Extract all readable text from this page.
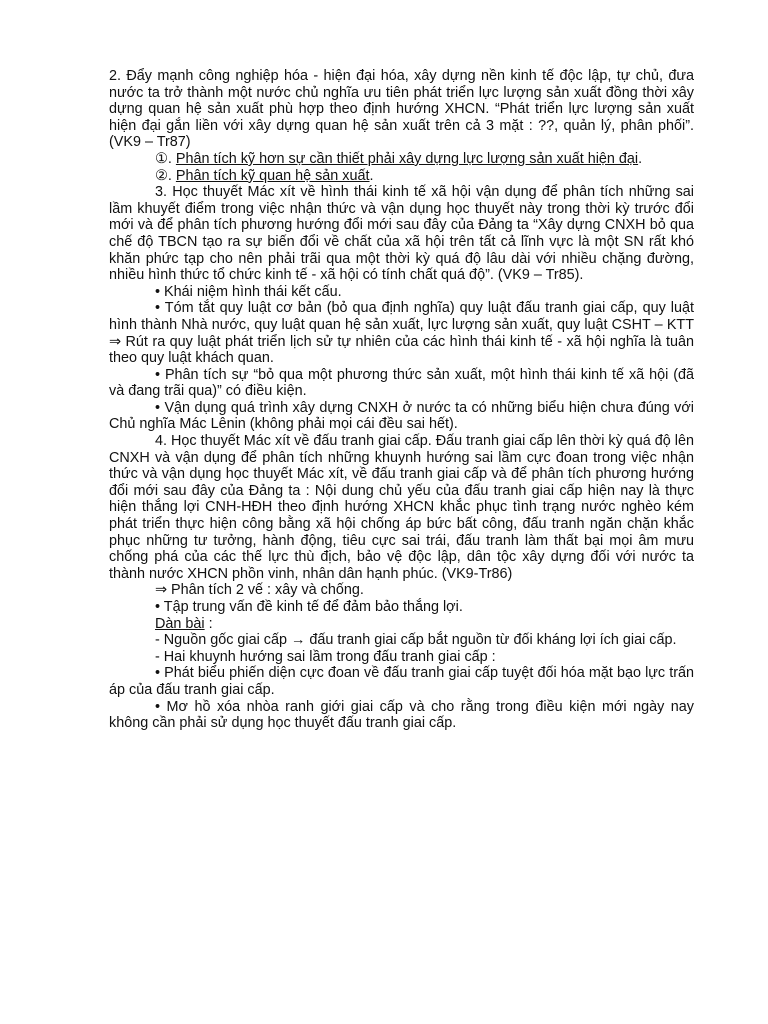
2. Đẩy mạnh công nghiệp hóa - hiện đại hóa, xây dựng nền kinh tế độc lập, tự chủ, đưa nước ta trở thành một nước chủ nghĩa ưu tiên phát triển lực lượng sản xuất đồng thời xây dựng quan hệ sản xuất phù hợp theo định hướng XHCN. “Phát triển lực lượng sản xuất hiện đại gắn liền với xây dựng quan hệ sản xuất trên cả 3 mặt : ??, quản lý, phân phối”. (VK9 – Tr87)

①. Phân tích kỹ hơn sự cần thiết phải xây dựng lực lượng sản xuất hiện đại.

②. Phân tích kỹ quan hệ sản xuất.

3. Học thuyết Mác xít về hình thái kinh tế xã hội vận dụng để phân tích những sai lầm khuyết điểm trong việc nhận thức và vận dụng học thuyết này trong thời kỳ trước đổi mới và để phân tích phương hướng đổi mới sau đây của Đảng ta “Xây dựng CNXH bỏ qua chế độ TBCN tạo ra sự biến đổi về chất của xã hội trên tất cả lĩnh vực là một SN rất khó khăn phức tạp cho nên phải trãi qua một thời kỳ quá độ lâu dài với nhiều chặng đường, nhiều hình thức tổ chức kinh tế - xã hội có tính chất quá độ”. (VK9 – Tr85).

• Khái niệm hình thái kết cấu.

• Tóm tắt quy luật cơ bản (bỏ qua định nghĩa) quy luật đấu tranh giai cấp, quy luật hình thành Nhà nước, quy luật quan hệ sản xuất, lực lượng sản xuất, quy luật CSHT – KTT ⇒ Rút ra quy luật phát triển lịch sử tự nhiên của các hình thái kinh tế - xã hội nghĩa là tuân theo quy luật khách quan.

• Phân tích sự “bỏ qua một phương thức sản xuất, một hình thái kinh tế xã hội (đã và đang trãi qua)” có điều kiện.

• Vận dụng quá trình xây dựng CNXH ở nước ta có những biểu hiện chưa đúng với Chủ nghĩa Mác Lênin (không phải mọi cái đều sai hết).

4. Học thuyết Mác xít về đấu tranh giai cấp. Đấu tranh giai cấp lên thời kỳ quá độ lên CNXH và vận dụng để phân tích những khuynh hướng sai lầm cực đoan trong việc nhận thức và vận dụng học thuyết Mác xít, về đấu tranh giai cấp và để phân tích phương hướng đổi mới sau đây của Đảng ta : Nội dung chủ yếu của đấu tranh giai cấp hiện nay là thực hiện thắng lợi CNH-HĐH theo định hướng XHCN khắc phục tình trạng nước nghèo kém phát triển thực hiện công bằng xã hội chống áp bức bất công, đấu tranh ngăn chặn khắc phục những tư tưởng, hành động, tiêu cực sai trái, đấu tranh làm thất bại mọi âm mưu chống phá của các thế lực thù địch, bảo vệ độc lập, dân tộc xây dựng đối với nước ta thành nước XHCN phồn vinh, nhân dân hạnh phúc. (VK9-Tr86)

⇒ Phân tích 2 vế : xây và chống.

• Tập trung vấn đề kinh tế để đảm bảo thắng lợi.

Dàn bài :

- Nguồn gốc giai cấp → đấu tranh giai cấp bắt nguồn từ đối kháng lợi ích giai cấp.

- Hai khuynh hướng sai lầm trong đấu tranh giai cấp :

• Phát biểu phiến diện cực đoan về đấu tranh giai cấp tuyệt đối hóa mặt bạo lực trấn áp của đấu tranh giai cấp.

• Mơ hồ xóa nhòa ranh giới giai cấp và cho rằng trong điều kiện mới ngày nay không cần phải sử dụng học thuyết đấu tranh giai cấp.
